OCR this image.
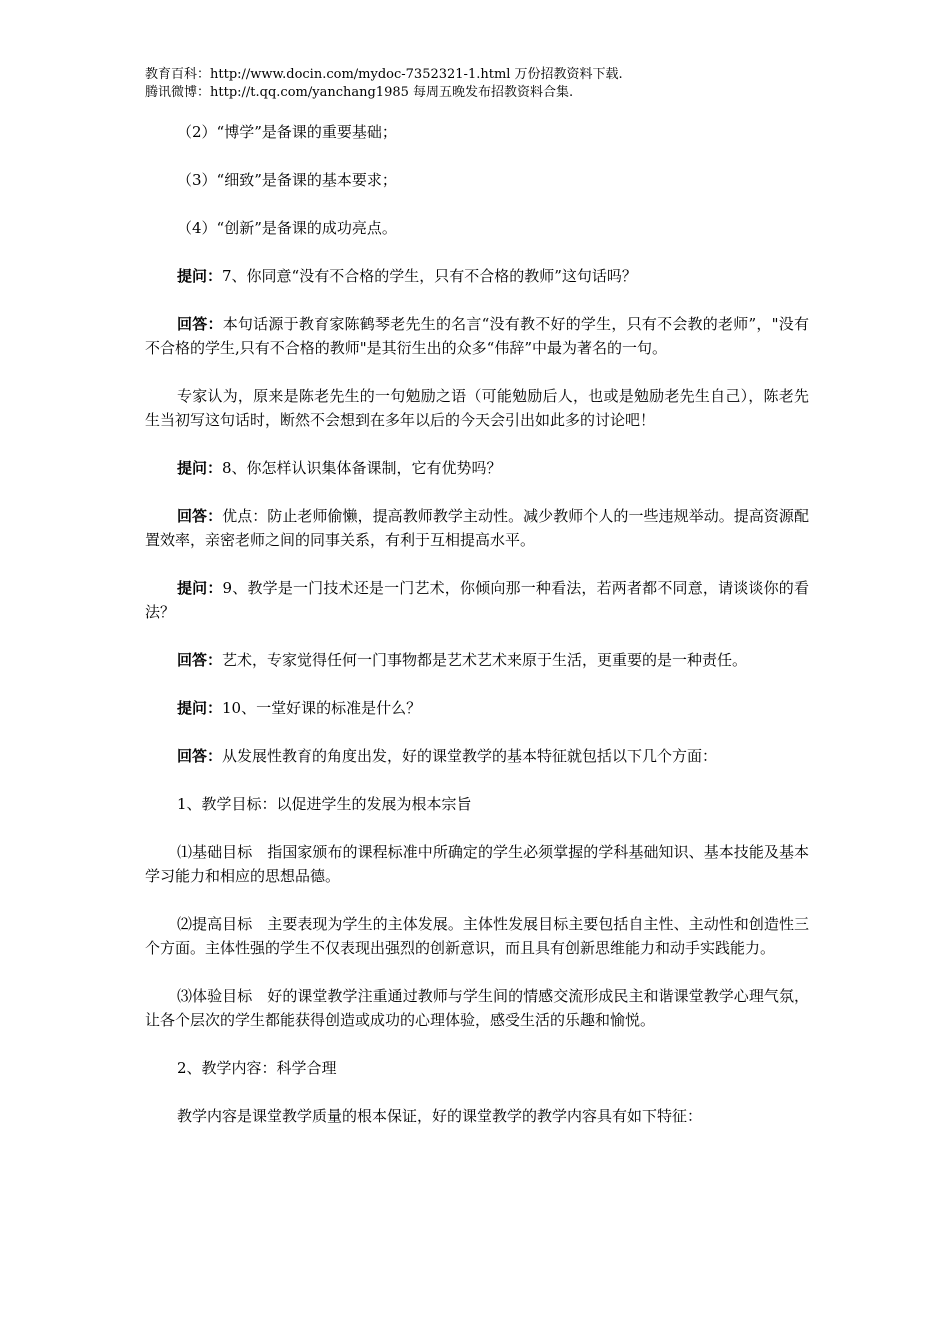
教育百科：http://www.docin.com/mydoc-7352321-1.html 万份招教资料下载.
腾讯微博：http://t.qq.com/yanchang1985 每周五晚发布招教资料合集.

（2）“博学”是备课的重要基础；

（3）“细致”是备课的基本要求；

（4）“创新”是备课的成功亮点。

提问：7、你同意“没有不合格的学生，只有不合格的教师”这句话吗？

回答：本句话源于教育家陈鹤琴老先生的名言“没有教不好的学生，只有不会教的老师”，"没有不合格的学生,只有不合格的教师"是其衍生出的众多“伟辞”中最为著名的一句。

专家认为，原来是陈老先生的一句勉励之语（可能勉励后人，也或是勉励老先生自己），陈老先生当初写这句话时，断然不会想到在多年以后的今天会引出如此多的讨论吧！

提问：8、你怎样认识集体备课制，它有优势吗？

回答：优点：防止老师偷懒，提高教师教学主动性。减少教师个人的一些违规举动。提高资源配置效率，亲密老师之间的同事关系，有利于互相提高水平。

提问：9、教学是一门技术还是一门艺术，你倾向那一种看法，若两者都不同意，请谈谈你的看法？

回答：艺术，专家觉得任何一门事物都是艺术艺术来原于生活，更重要的是一种责任。

提问：10、一堂好课的标准是什么？

回答：从发展性教育的角度出发，好的课堂教学的基本特征就包括以下几个方面：

1、教学目标：以促进学生的发展为根本宗旨

⑴基础目标　指国家颁布的课程标准中所确定的学生必须掌握的学科基础知识、基本技能及基本学习能力和相应的思想品德。

⑵提高目标　主要表现为学生的主体发展。主体性发展目标主要包括自主性、主动性和创造性三个方面。主体性强的学生不仅表现出强烈的创新意识，而且具有创新思维能力和动手实践能力。

⑶体验目标　好的课堂教学注重通过教师与学生间的情感交流形成民主和谐课堂教学心理气氛，让各个层次的学生都能获得创造或成功的心理体验，感受生活的乐趣和愉悦。

2、教学内容：科学合理

教学内容是课堂教学质量的根本保证，好的课堂教学的教学内容具有如下特征：
